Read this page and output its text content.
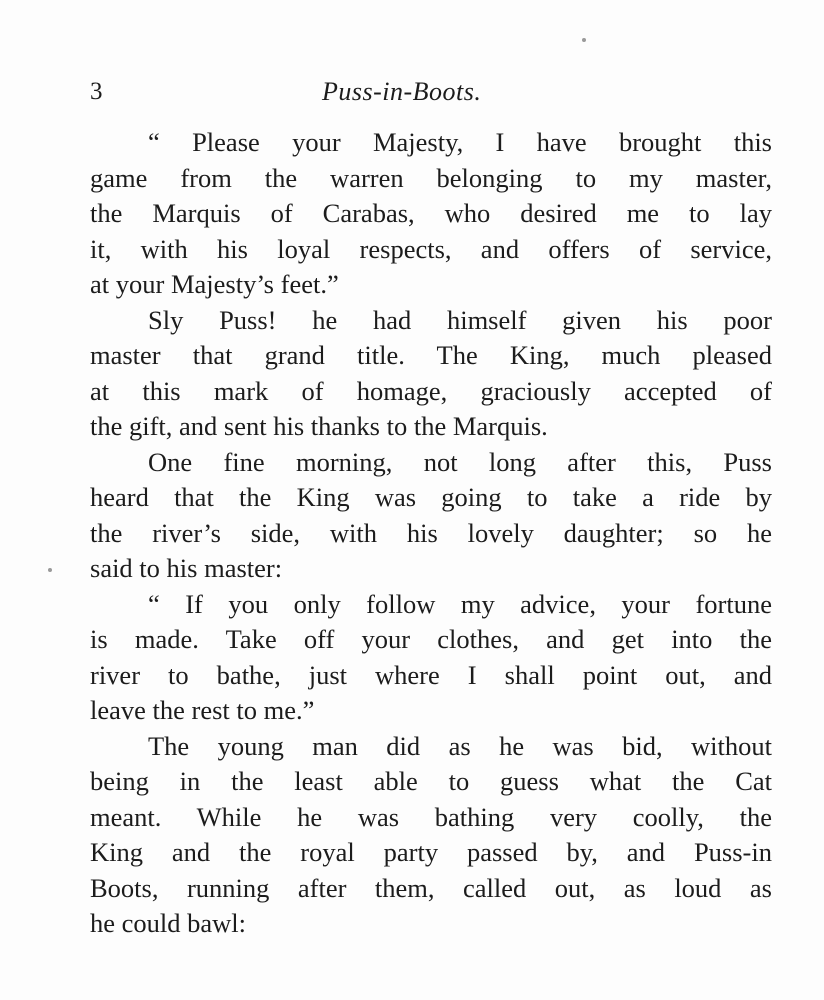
3	Puss-in-Boots.

“ Please your Majesty, I have brought this
game from the warren belonging to my master,
the Marquis of Carabas, who desired me to lay
it, with his loyal respects, and offers of service,
at your Majesty’s feet.”

Sly Puss! he had himself given his poor
master that grand title. The King, much pleased
at this mark of homage, graciously accepted of
the gift, and sent his thanks to the Marquis.

One fine morning, not long after this, Puss
heard that the King was going to take a ride by
the river’s side, with his lovely daughter; so he
said to his master:

“ If you only follow my advice, your fortune
is made. Take off your clothes, and get into the
river to bathe, just where I shall point out, and
leave the rest to me.”

The young man did as he was bid, without
being in the least able to guess what the Cat
meant. While he was bathing very coolly, the
King and the royal party passed by, and Puss-in
Boots, running after them, called out, as loud as
he could bawl:
